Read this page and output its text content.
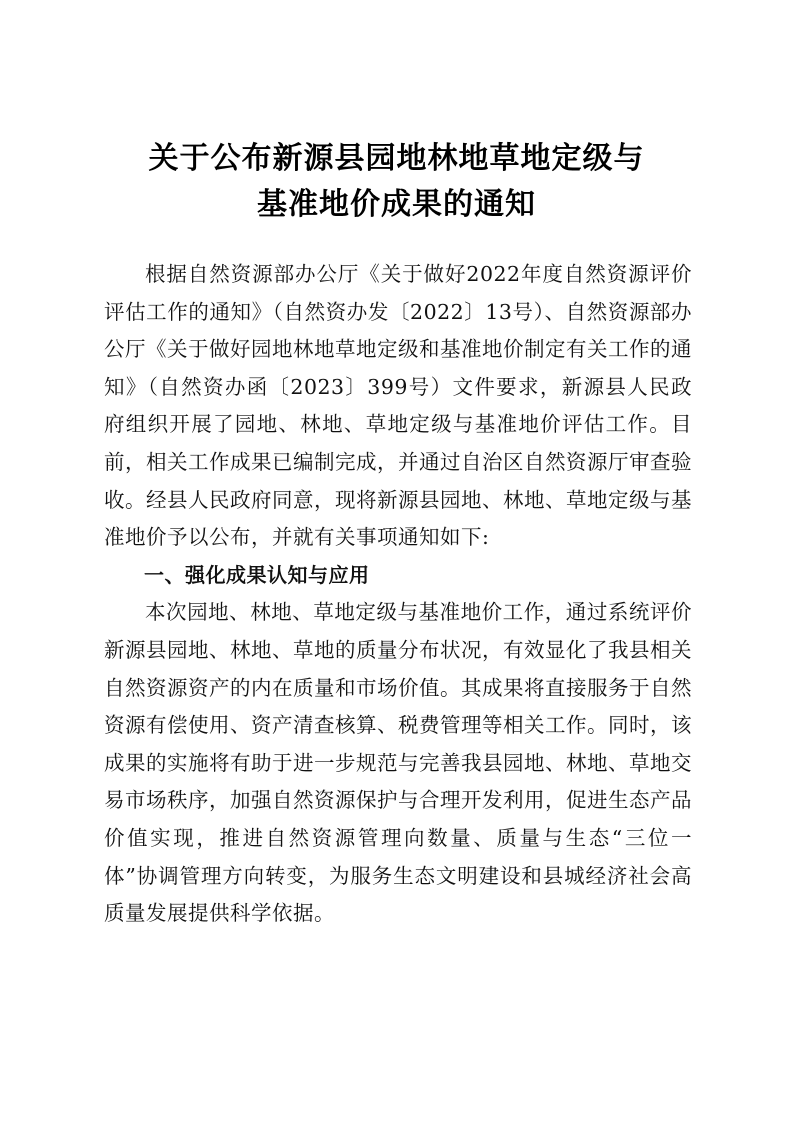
关于公布新源县园地林地草地定级与
基准地价成果的通知

根据自然资源部办公厅《关于做好2022年度自然资源评价评估工作的通知》（自然资办发〔2022〕13号）、自然资源部办公厅《关于做好园地林地草地定级和基准地价制定有关工作的通知》（自然资办函〔2023〕399号）文件要求，新源县人民政府组织开展了园地、林地、草地定级与基准地价评估工作。目前，相关工作成果已编制完成，并通过自治区自然资源厅审查验收。经县人民政府同意，现将新源县园地、林地、草地定级与基准地价予以公布，并就有关事项通知如下:

一、强化成果认知与应用

本次园地、林地、草地定级与基准地价工作，通过系统评价新源县园地、林地、草地的质量分布状况，有效显化了我县相关自然资源资产的内在质量和市场价值。其成果将直接服务于自然资源有偿使用、资产清查核算、税费管理等相关工作。同时，该成果的实施将有助于进一步规范与完善我县园地、林地、草地交易市场秩序，加强自然资源保护与合理开发利用，促进生态产品价值实现，推进自然资源管理向数量、质量与生态“三位一体”协调管理方向转变，为服务生态文明建设和县城经济社会高质量发展提供科学依据。
